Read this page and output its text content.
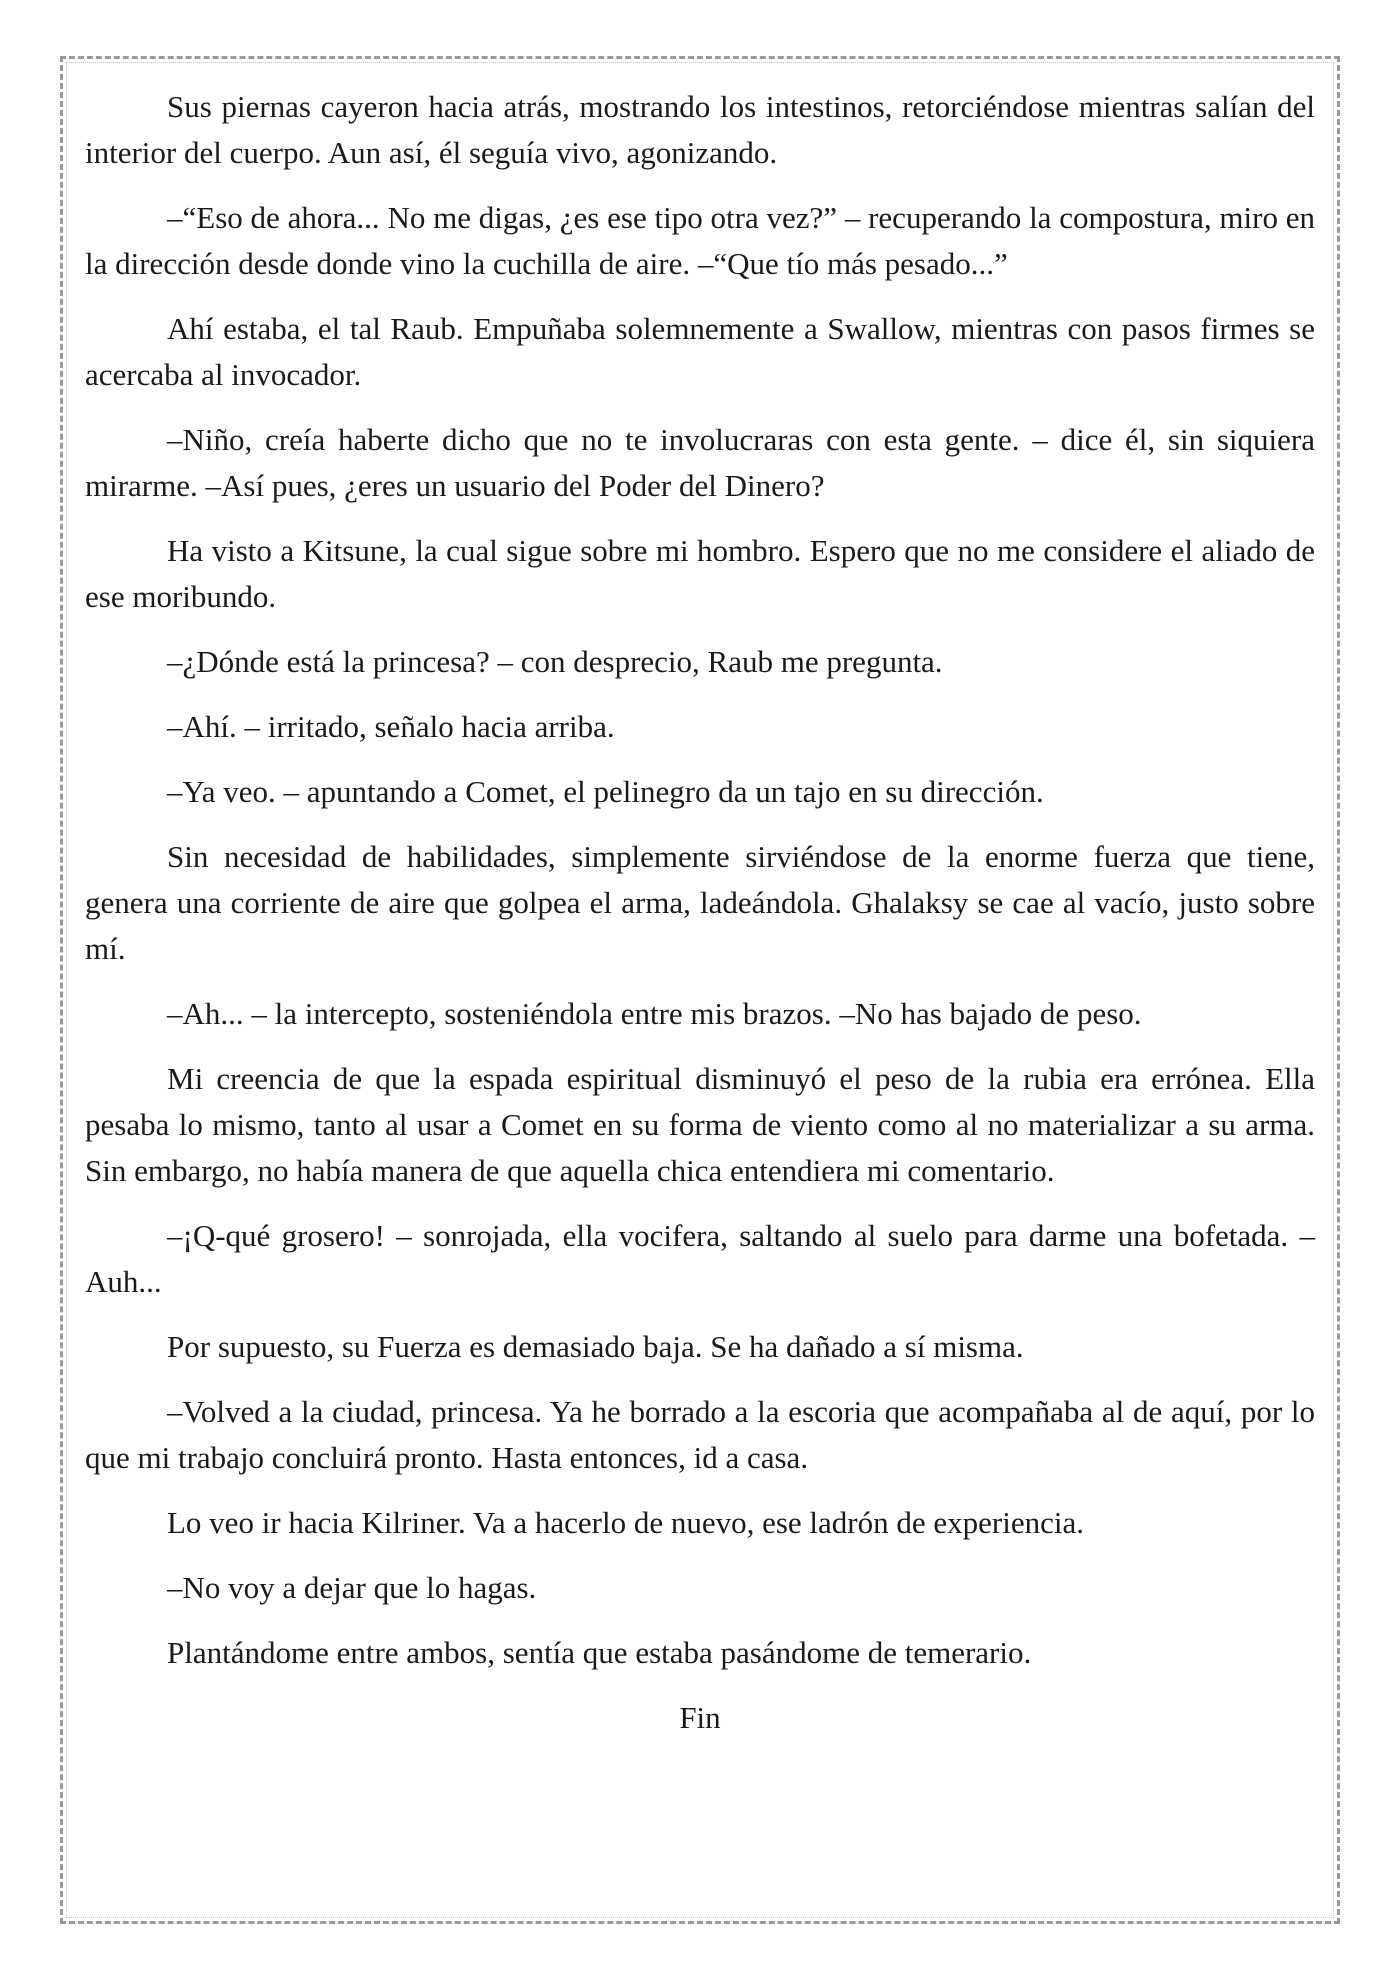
Sus piernas cayeron hacia atrás, mostrando los intestinos, retorciéndose mientras salían del interior del cuerpo. Aun así, él seguía vivo, agonizando.

–“Eso de ahora... No me digas, ¿es ese tipo otra vez?” – recuperando la compostura, miro en la dirección desde donde vino la cuchilla de aire. –“Que tío más pesado...”

Ahí estaba, el tal Raub. Empuñaba solemnemente a Swallow, mientras con pasos firmes se acercaba al invocador.

–Niño, creía haberte dicho que no te involucraras con esta gente. – dice él, sin siquiera mirarme. –Así pues, ¿eres un usuario del Poder del Dinero?

Ha visto a Kitsune, la cual sigue sobre mi hombro. Espero que no me considere el aliado de ese moribundo.

–¿Dónde está la princesa? – con desprecio, Raub me pregunta.

–Ahí. – irritado, señalo hacia arriba.

–Ya veo. – apuntando a Comet, el pelinegro da un tajo en su dirección.

Sin necesidad de habilidades, simplemente sirviéndose de la enorme fuerza que tiene, genera una corriente de aire que golpea el arma, ladeándola. Ghalaksy se cae al vacío, justo sobre mí.

–Ah... – la intercepto, sosteniéndola entre mis brazos. –No has bajado de peso.

Mi creencia de que la espada espiritual disminuyó el peso de la rubia era errónea. Ella pesaba lo mismo, tanto al usar a Comet en su forma de viento como al no materializar a su arma. Sin embargo, no había manera de que aquella chica entendiera mi comentario.

–¡Q-qué grosero! – sonrojada, ella vocifera, saltando al suelo para darme una bofetada. –Auh...

Por supuesto, su Fuerza es demasiado baja. Se ha dañado a sí misma.

–Volved a la ciudad, princesa. Ya he borrado a la escoria que acompañaba al de aquí, por lo que mi trabajo concluirá pronto. Hasta entonces, id a casa.

Lo veo ir hacia Kilriner. Va a hacerlo de nuevo, ese ladrón de experiencia.

–No voy a dejar que lo hagas.

Plantándome entre ambos, sentía que estaba pasándome de temerario.

Fin
